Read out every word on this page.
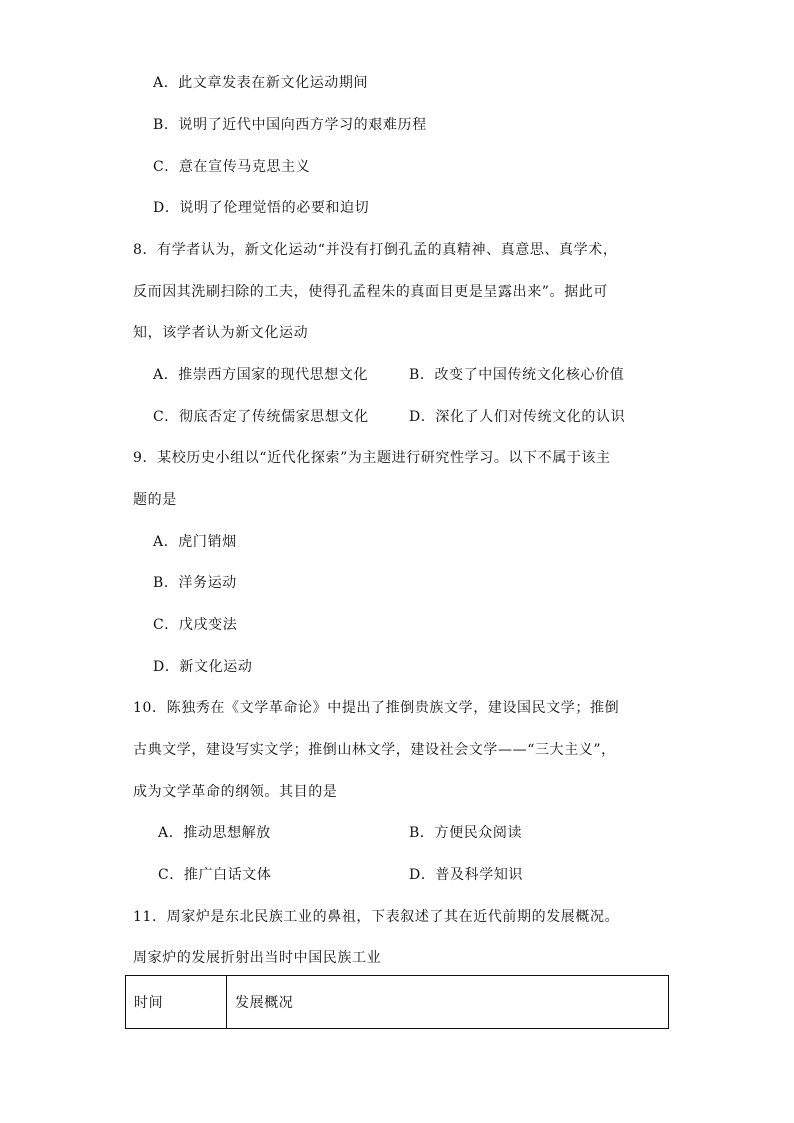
A．此文章发表在新文化运动期间
B．说明了近代中国向西方学习的艰难历程
C．意在宣传马克思主义
D．说明了伦理觉悟的必要和迫切
8．有学者认为，新文化运动“并没有打倒孔孟的真精神、真意思、真学术，
反而因其洗刷扫除的工夫，使得孔孟程朱的真面目更是呈露出来”。据此可
知，该学者认为新文化运动
A．推崇西方国家的现代思想文化	B．改变了中国传统文化核心价值
C．彻底否定了传统儒家思想文化	D．深化了人们对传统文化的认识
9．某校历史小组以“近代化探索”为主题进行研究性学习。以下不属于该主
题的是
A．虎门销烟
B．洋务运动
C．戊戌变法
D．新文化运动
10．陈独秀在《文学革命论》中提出了推倒贵族文学，建设国民文学；推倒
古典文学，建设写实文学；推倒山林文学，建设社会文学——“三大主义”，
成为文学革命的纲领。其目的是
A．推动思想解放	B．方便民众阅读
C．推广白话文体	D．普及科学知识
11．周家炉是东北民族工业的鼻祖，下表叙述了其在近代前期的发展概况。
周家炉的发展折射出当时中国民族工业
时间	发展概况
